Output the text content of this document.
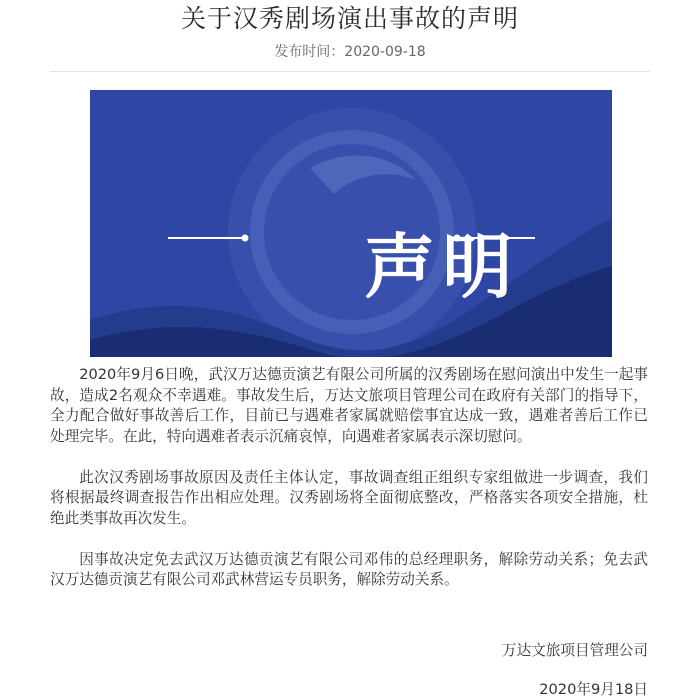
关于汉秀剧场演出事故的声明
发布时间：2020-09-18
声明

2020年9月6日晚，武汉万达德贡演艺有限公司所属的汉秀剧场在慰问演出中发生一起事故，造成2名观众不幸遇难。事故发生后，万达文旅项目管理公司在政府有关部门的指导下，全力配合做好事故善后工作，目前已与遇难者家属就赔偿事宜达成一致，遇难者善后工作已处理完毕。在此，特向遇难者表示沉痛哀悼，向遇难者家属表示深切慰问。

此次汉秀剧场事故原因及责任主体认定，事故调查组正组织专家组做进一步调查，我们将根据最终调查报告作出相应处理。汉秀剧场将全面彻底整改，严格落实各项安全措施，杜绝此类事故再次发生。

因事故决定免去武汉万达德贡演艺有限公司邓伟的总经理职务，解除劳动关系；免去武汉万达德贡演艺有限公司邓武林营运专员职务，解除劳动关系。

万达文旅项目管理公司
2020年9月18日
